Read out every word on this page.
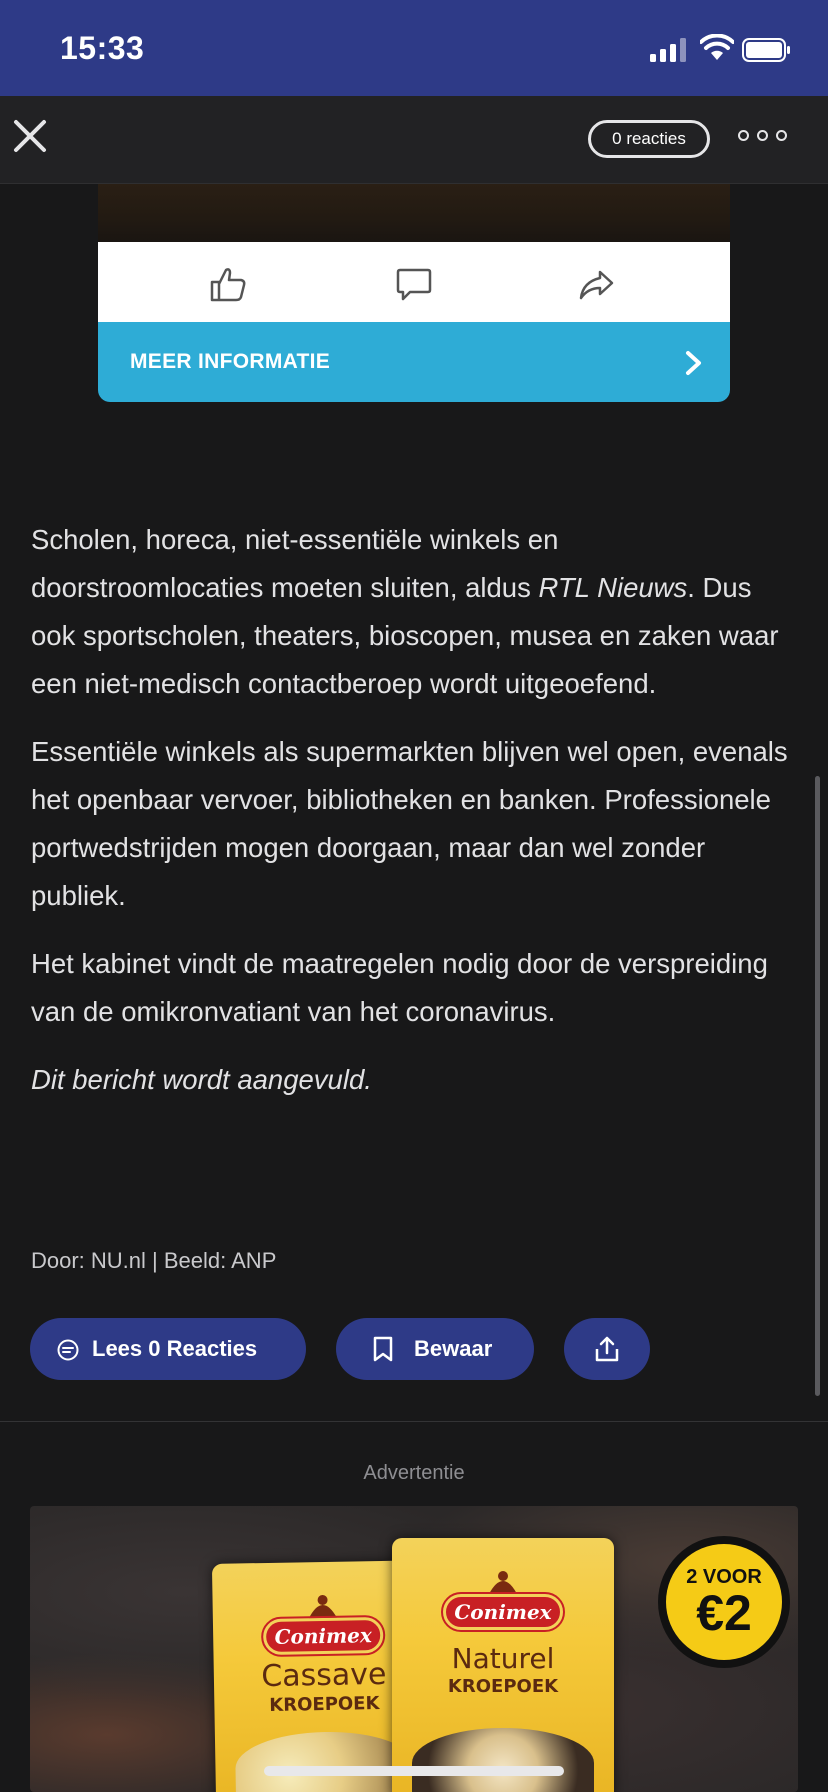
15:33
0 reacties
MEER INFORMATIE

Scholen, horeca, niet-essentiële winkels en doorstroomlocaties moeten sluiten, aldus RTL Nieuws. Dus ook sportscholen, theaters, bioscopen, musea en zaken waar een niet-medisch contactberoep wordt uitgeoefend.

Essentiële winkels als supermarkten blijven wel open, evenals het openbaar vervoer, bibliotheken en banken. Professionele portwedstrijden mogen doorgaan, maar dan wel zonder publiek.

Het kabinet vindt de maatregelen nodig door de verspreiding van de omikronvatiant van het coronavirus.

Dit bericht wordt aangevuld.

Door: NU.nl | Beeld: ANP
Lees 0 Reacties	Bewaar
Advertentie
Conimex
Cassave
KROEPOEK
Conimex
Naturel
KROEPOEK
2 VOOR
€2
